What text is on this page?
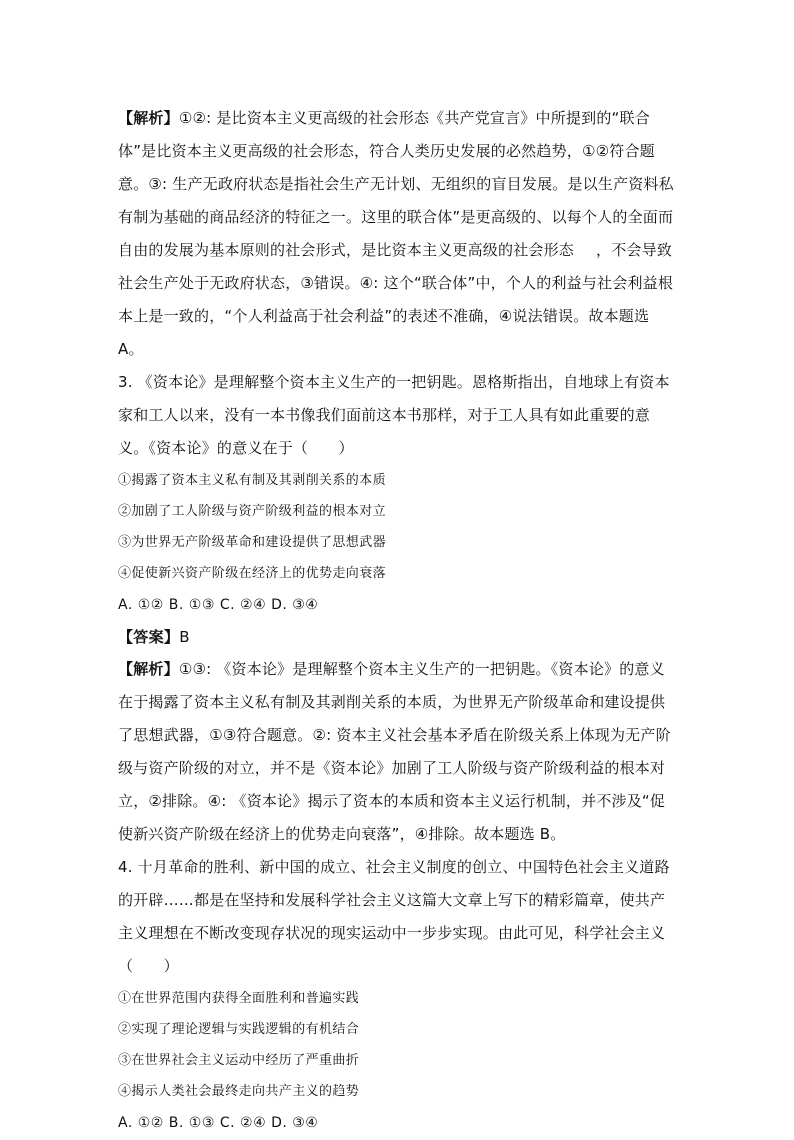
【解析】①②: 是比资本主义更高级的社会形态《共产党宣言》中所提到的“联合体”是比资本主义更高级的社会形态，符合人类历史发展的必然趋势，①②符合题意。③: 生产无政府状态是指社会生产无计划、无组织的盲目发展。是以生产资料私有制为基础的商品经济的特征之一。这里的联合体”是更高级的、以每个人的全面而自由的发展为基本原则的社会形式，是比资本主义更高级的社会形态 ，不会导致社会生产处于无政府状态，③错误。④: 这个“联合体”中，个人的利益与社会利益根本上是一致的，“个人利益高于社会利益”的表述不准确，④说法错误。故本题选 A。

3. 《资本论》是理解整个资本主义生产的一把钥匙。恩格斯指出，自地球上有资本家和工人以来，没有一本书像我们面前这本书那样，对于工人具有如此重要的意义。《资本论》的意义在于（　　）

①揭露了资本主义私有制及其剥削关系的本质

②加剧了工人阶级与资产阶级利益的根本对立

③为世界无产阶级革命和建设提供了思想武器

④促使新兴资产阶级在经济上的优势走向衰落

A. ①② B. ①③ C. ②④ D. ③④

【答案】B

【解析】①③: 《资本论》是理解整个资本主义生产的一把钥匙。《资本论》的意义在于揭露了资本主义私有制及其剥削关系的本质，为世界无产阶级革命和建设提供了思想武器，①③符合题意。②: 资本主义社会基本矛盾在阶级关系上体现为无产阶级与资产阶级的对立，并不是《资本论》加剧了工人阶级与资产阶级利益的根本对立，②排除。④: 《资本论》揭示了资本的本质和资本主义运行机制，并不涉及“促使新兴资产阶级在经济上的优势走向衰落”，④排除。故本题选 B。

4. 十月革命的胜利、新中国的成立、社会主义制度的创立、中国特色社会主义道路的开辟……都是在坚持和发展科学社会主义这篇大文章上写下的精彩篇章，使共产主义理想在不断改变现存状况的现实运动中一步步实现。由此可见，科学社会主义（　　）

①在世界范围内获得全面胜利和普遍实践

②实现了理论逻辑与实践逻辑的有机结合

③在世界社会主义运动中经历了严重曲折

④揭示人类社会最终走向共产主义的趋势

A. ①② B. ①③ C. ②④ D. ③④
